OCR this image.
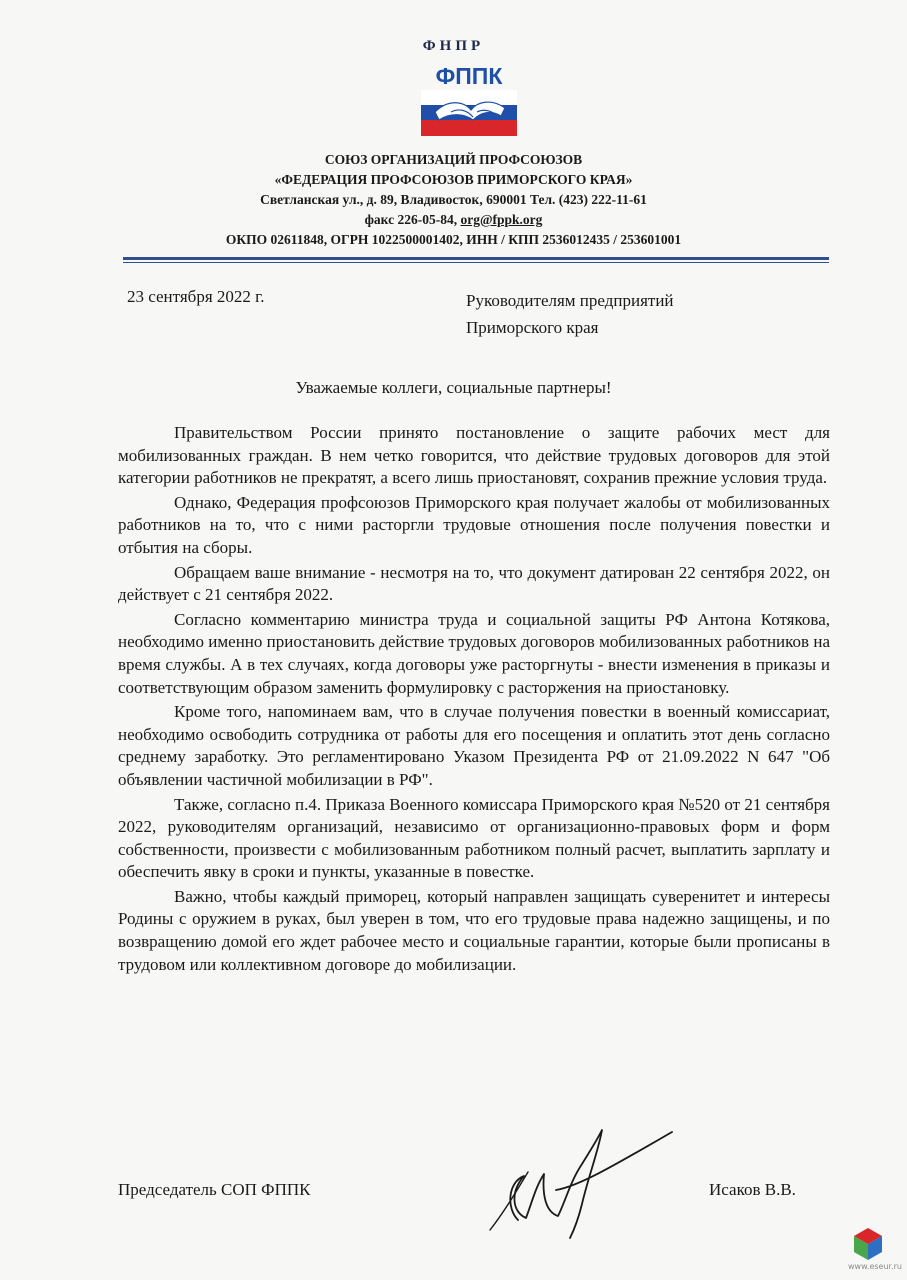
ФНПР
ФППК
СОЮЗ ОРГАНИЗАЦИЙ ПРОФСОЮЗОВ
«ФЕДЕРАЦИЯ ПРОФСОЮЗОВ ПРИМОРСКОГО КРАЯ»
Светланская ул., д. 89, Владивосток, 690001 Тел. (423) 222-11-61
факс 226-05-84, org@fppk.org
ОКПО 02611848, ОГРН 1022500001402, ИНН / КПП 2536012435 / 253601001
23 сентября 2022 г.	Руководителям предприятий
Приморского края
Уважаемые коллеги, социальные партнеры!

Правительством России принято постановление о защите рабочих мест для мобилизованных граждан. В нем четко говорится, что действие трудовых договоров для этой категории работников не прекратят, а всего лишь приостановят, сохранив прежние условия труда.

Однако, Федерация профсоюзов Приморского края получает жалобы от мобилизованных работников на то, что с ними расторгли трудовые отношения после получения повестки и отбытия на сборы.

Обращаем ваше внимание - несмотря на то, что документ датирован 22 сентября 2022, он действует с 21 сентября 2022.

Согласно комментарию министра труда и социальной защиты РФ Антона Котякова, необходимо именно приостановить действие трудовых договоров мобилизованных работников на время службы. А в тех случаях, когда договоры уже расторгнуты - внести изменения в приказы и соответствующим образом заменить формулировку с расторжения на приостановку.

Кроме того, напоминаем вам, что в случае получения повестки в военный комиссариат, необходимо освободить сотрудника от работы для его посещения и оплатить этот день согласно среднему заработку. Это регламентировано Указом Президента РФ от 21.09.2022 N 647 "Об объявлении частичной мобилизации в РФ".

Также, согласно п.4. Приказа Военного комиссара Приморского края №520 от 21 сентября 2022, руководителям организаций, независимо от организационно-правовых форм и форм собственности, произвести с мобилизованным работником полный расчет, выплатить зарплату и обеспечить явку в сроки и пункты, указанные в повестке.

Важно, чтобы каждый приморец, который направлен защищать суверенитет и интересы Родины с оружием в руках, был уверен в том, что его трудовые права надежно защищены, и по возвращению домой его ждет рабочее место и социальные гарантии, которые были прописаны в трудовом или коллективном договоре до мобилизации.

Председатель СОП ФППК	Исаков В.В.
www.eseur.ru
